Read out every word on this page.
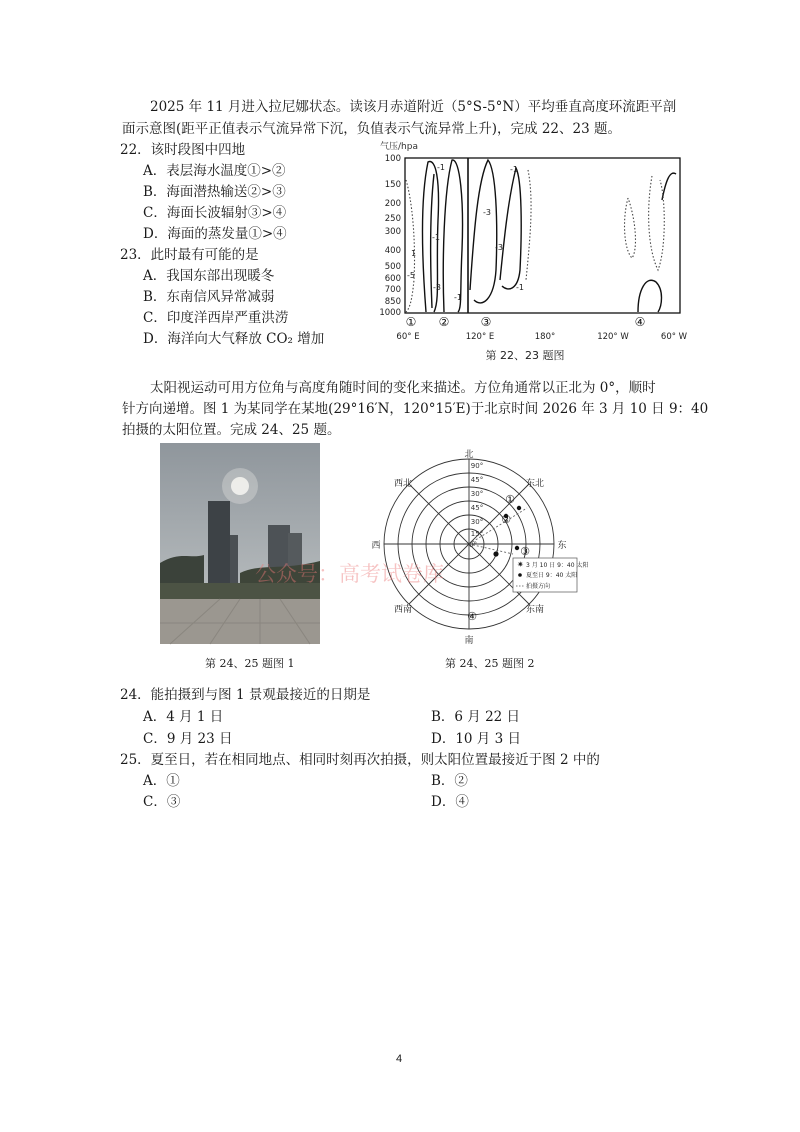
2025 年 11 月进入拉尼娜状态。读该月赤道附近（5°S-5°N）平均垂直高度环流距平剖
面示意图(距平正值表示气流异常下沉，负值表示气流异常上升)，完成 22、23 题。
22．该时段图中四地
A．表层海水温度①>②
B．海面潜热输送②>③
C．海面长波辐射③>④
D．海面的蒸发量①>④
23．此时最有可能的是
A．我国东部出现暖冬
B．东南信风异常减弱
C．印度洋西岸严重洪涝
D．海洋向大气释放 CO₂ 增加
气压/hpa
100
150
200
250
300
400
500
600
700
850
1000
-1
-3
-1
-3
-1
1
-3
-1
-5
-1
① ②	③	④
60° E	120° E	180°	120° W	60° W
第 22、23 题图
太阳视运动可用方位角与高度角随时间的变化来描述。方位角通常以正北为 0°，顺时
针方向递增。图 1 为某同学在某地(29°16′N，120°15′E)于北京时间 2026 年 3 月 10 日 9：40
拍摄的太阳位置。完成 24、25 题。
第 24、25 题图 1
北
南
东
西
东北
西北
东南
西南
90°
45°
30°
45°
30°
15°
0°
①
②
③
④
✷ 3 月 10 日 9：40 太阳
夏至日 9：40 太阳
拍摄方向
第 24、25 题图 2
公众号：高考试卷库
24．能拍摄到与图 1 景观最接近的日期是
A．4 月 1 日	B．6 月 22 日
C．9 月 23 日	D．10 月 3 日
25．夏至日，若在相同地点、相同时刻再次拍摄，则太阳位置最接近于图 2 中的
A．①	B．②
C．③	D．④
4
